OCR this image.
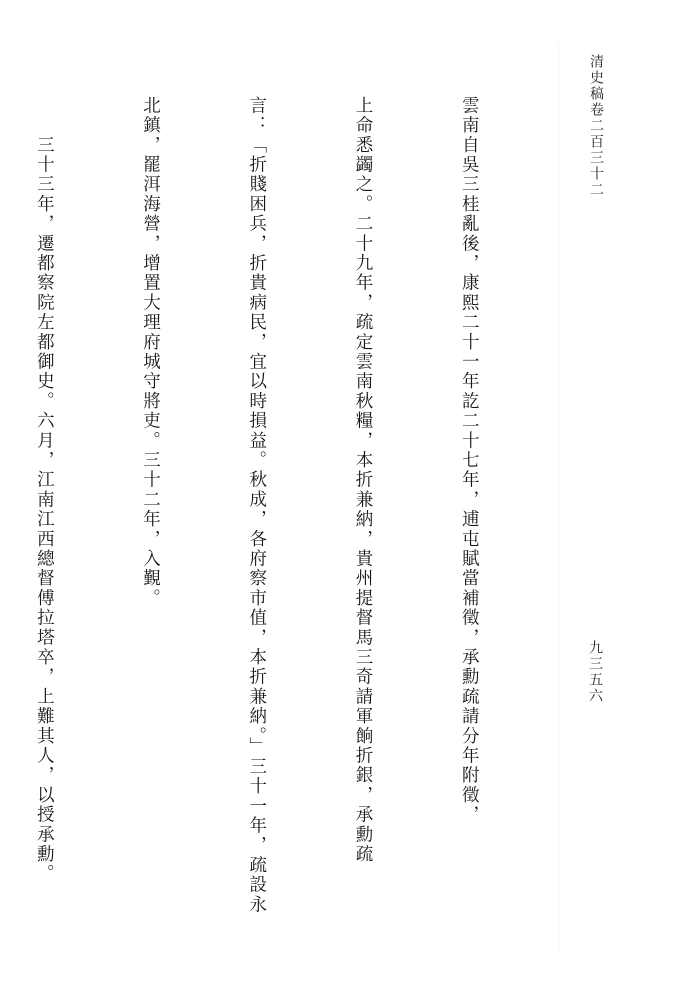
清史稿卷二百三十二
九三五六

雲南自吳三桂亂後，康熙二十一年訖二十七年，逋屯賦當補徵，承勳疏請分年附徵，

上命悉蠲之。二十九年，疏定雲南秋糧，本折兼納，貴州提督馬三奇請軍餉折銀，承勳疏

言：「折賤困兵，折貴病民，宜以時損益。秋成，各府察市值，本折兼納。」三十一年，疏設永

北鎮，罷洱海營，增置大理府城守將吏。三十二年，入覲。

　　三十三年，遷都察院左都御史。六月，江南江西總督傅拉塔卒，上難其人，以授承勳。
